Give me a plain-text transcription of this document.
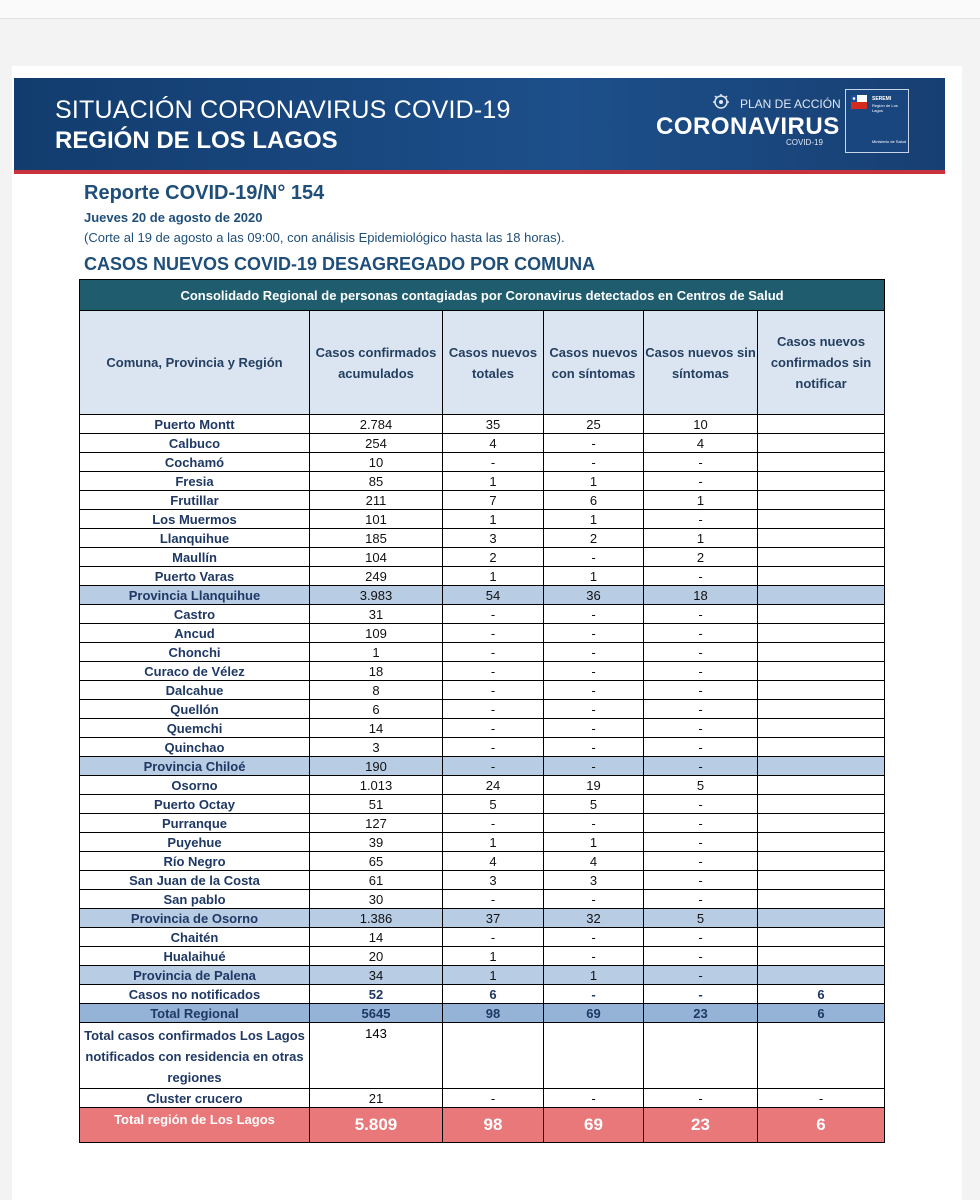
SITUACIÓN CORONAVIRUS COVID-19
REGIÓN DE LOS LAGOS
PLAN DE ACCIÓN
CORONAVIRUS
COVID-19
SEREMI
Región de Los Lagos
Ministerio de Salud
Reporte COVID-19/N° 154
Jueves 20 de agosto de 2020
(Corte al 19 de agosto a las 09:00, con análisis Epidemiológico hasta las 18 horas).
CASOS NUEVOS COVID-19 DESAGREGADO POR COMUNA
Consolidado Regional de personas contagiadas por Coronavirus detectados en Centros de Salud					
Comuna, Provincia y Región	Casos confirmados acumulados	Casos nuevos totales	Casos nuevos con síntomas	Casos nuevos sin síntomas	Casos nuevos confirmados sin notificar
Puerto Montt	2.784	35	25	10	
Calbuco	254	4	-	4	
Cochamó	10	-	-	-	
Fresia	85	1	1	-	
Frutillar	211	7	6	1	
Los Muermos	101	1	1	-	
Llanquihue	185	3	2	1	
Maullín	104	2	-	2	
Puerto Varas	249	1	1	-	
Provincia Llanquihue	3.983	54	36	18	
Castro	31	-	-	-	
Ancud	109	-	-	-	
Chonchi	1	-	-	-	
Curaco de Vélez	18	-	-	-	
Dalcahue	8	-	-	-	
Quellón	6	-	-	-	
Quemchi	14	-	-	-	
Quinchao	3	-	-	-	
Provincia Chiloé	190	-	-	-	
Osorno	1.013	24	19	5	
Puerto Octay	51	5	5	-	
Purranque	127	-	-	-	
Puyehue	39	1	1	-	
Río Negro	65	4	4	-	
San Juan de la Costa	61	3	3	-	
San pablo	30	-	-	-	
Provincia de Osorno	1.386	37	32	5	
Chaitén	14	-	-	-	
Hualaihué	20	1	-	-	
Provincia de Palena	34	1	1	-	
Casos no notificados	52	6	-	-	6
Total Regional	5645	98	69	23	6
Total casos confirmados Los Lagos notificados con residencia en otras regiones	143				
Cluster crucero	21	-	-	-	-
Total región de Los Lagos	5.809	98	69	23	6
